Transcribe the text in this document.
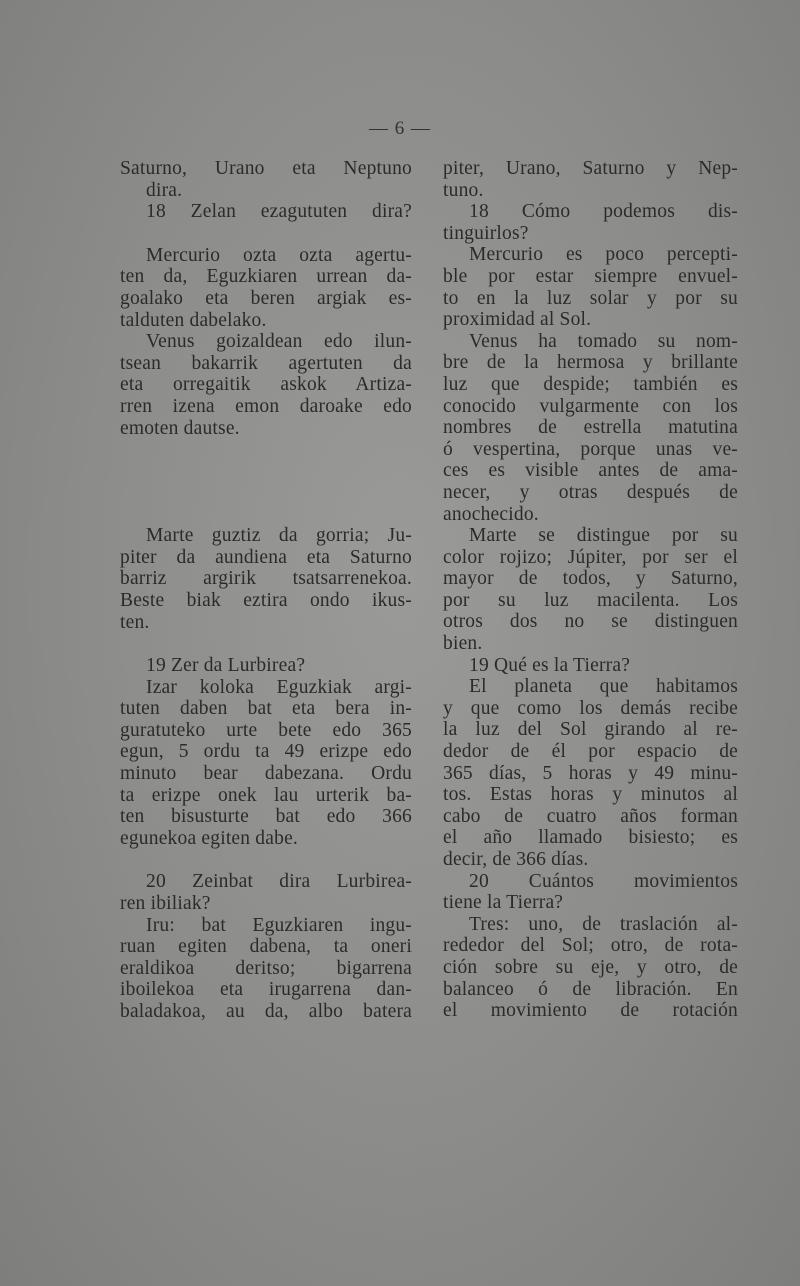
— 6 —
Saturno, Urano eta Neptuno
dira.
18 Zelan ezagututen dira?
Mercurio ozta ozta agertu-
ten da, Eguzkiaren urrean da-
goalako eta beren argiak es-
talduten dabelako.
Venus goizaldean edo ilun-
tsean bakarrik agertuten da
eta orregaitik askok Artiza-
rren izena emon daroake edo
emoten dautse.
Marte guztiz da gorria; Ju-
piter da aundiena eta Saturno
barriz argirik tsatsarrenekoa.
Beste biak eztira ondo ikus-
ten.
19 Zer da Lurbirea?
Izar koloka Eguzkiak argi-
tuten daben bat eta bera in-
guratuteko urte bete edo 365
egun, 5 ordu ta 49 erizpe edo
minuto bear dabezana. Ordu
ta erizpe onek lau urterik ba-
ten bisusturte bat edo 366
egunekoa egiten dabe.
20 Zeinbat dira Lurbirea-
ren ibiliak?
Iru: bat Eguzkiaren ingu-
ruan egiten dabena, ta oneri
eraldikoa deritso; bigarrena
iboilekoa eta irugarrena dan-
baladakoa, au da, albo batera
piter, Urano, Saturno y Nep-
tuno.
18 Cómo podemos dis-
tinguirlos?
Mercurio es poco percepti-
ble por estar siempre envuel-
to en la luz solar y por su
proximidad al Sol.
Venus ha tomado su nom-
bre de la hermosa y brillante
luz que despide; también es
conocido vulgarmente con los
nombres de estrella matutina
ó vespertina, porque unas ve-
ces es visible antes de ama-
necer, y otras después de
anochecido.
Marte se distingue por su
color rojizo; Júpiter, por ser el
mayor de todos, y Saturno,
por su luz macilenta. Los
otros dos no se distinguen
bien.
19 Qué es la Tierra?
El planeta que habitamos
y que como los demás recibe
la luz del Sol girando al re-
dedor de él por espacio de
365 días, 5 horas y 49 minu-
tos. Estas horas y minutos al
cabo de cuatro años forman
el año llamado bisiesto; es
decir, de 366 días.
20 Cuántos movimientos
tiene la Tierra?
Tres: uno, de traslación al-
rededor del Sol; otro, de rota-
ción sobre su eje, y otro, de
balanceo ó de libración. En
el movimiento de rotación
